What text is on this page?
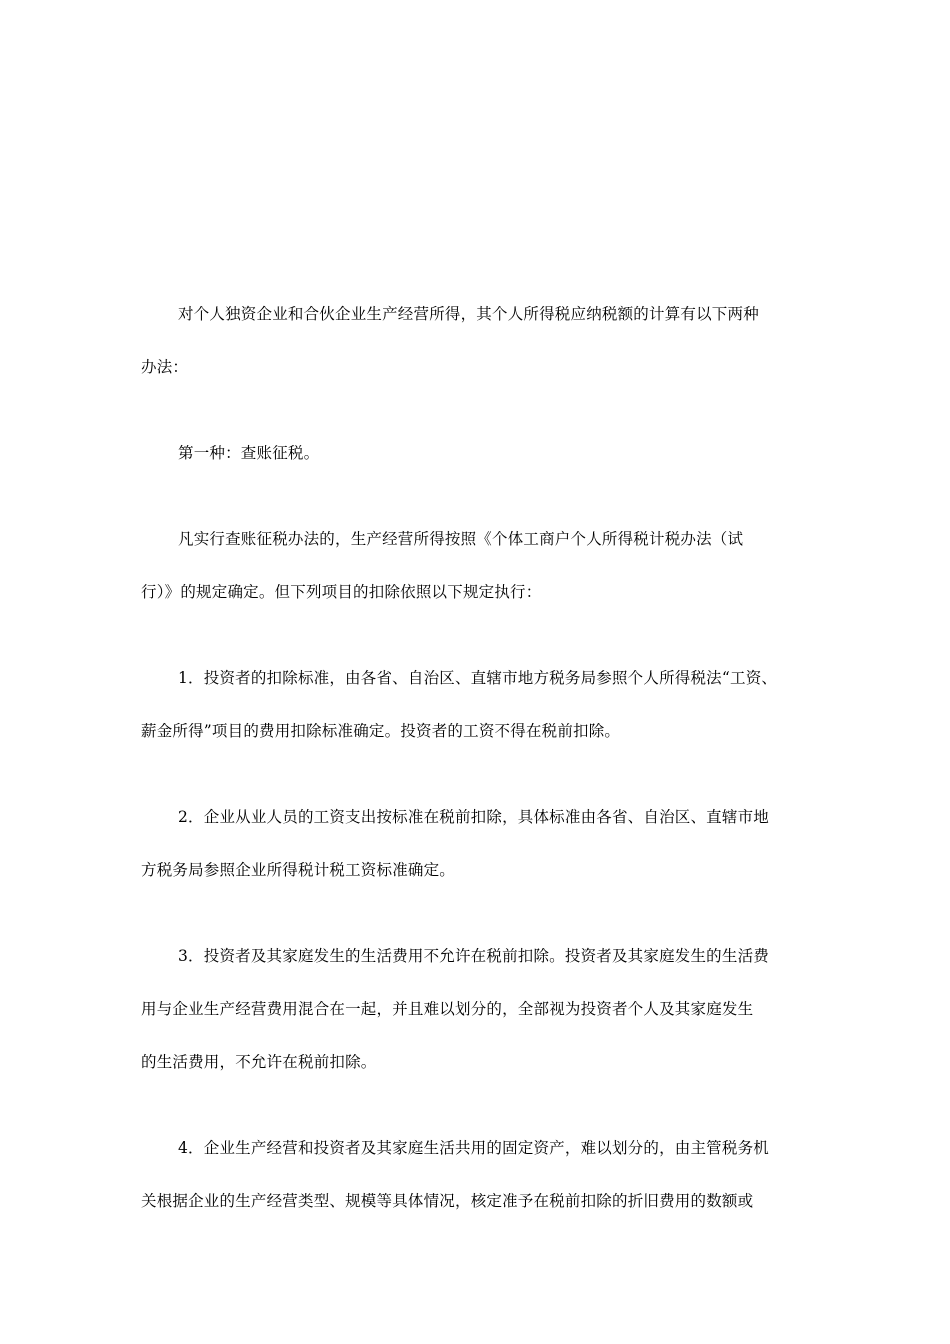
对个人独资企业和合伙企业生产经营所得，其个人所得税应纳税额的计算有以下两种
办法：
第一种：查账征税。
凡实行查账征税办法的，生产经营所得按照《个体工商户个人所得税计税办法（试
行）》的规定确定。但下列项目的扣除依照以下规定执行：
1．投资者的扣除标准，由各省、自治区、直辖市地方税务局参照个人所得税法“工资、
薪金所得”项目的费用扣除标准确定。投资者的工资不得在税前扣除。
2．企业从业人员的工资支出按标准在税前扣除，具体标准由各省、自治区、直辖市地
方税务局参照企业所得税计税工资标准确定。
3．投资者及其家庭发生的生活费用不允许在税前扣除。投资者及其家庭发生的生活费
用与企业生产经营费用混合在一起，并且难以划分的，全部视为投资者个人及其家庭发生
的生活费用，不允许在税前扣除。
4．企业生产经营和投资者及其家庭生活共用的固定资产，难以划分的，由主管税务机
关根据企业的生产经营类型、规模等具体情况，核定准予在税前扣除的折旧费用的数额或
